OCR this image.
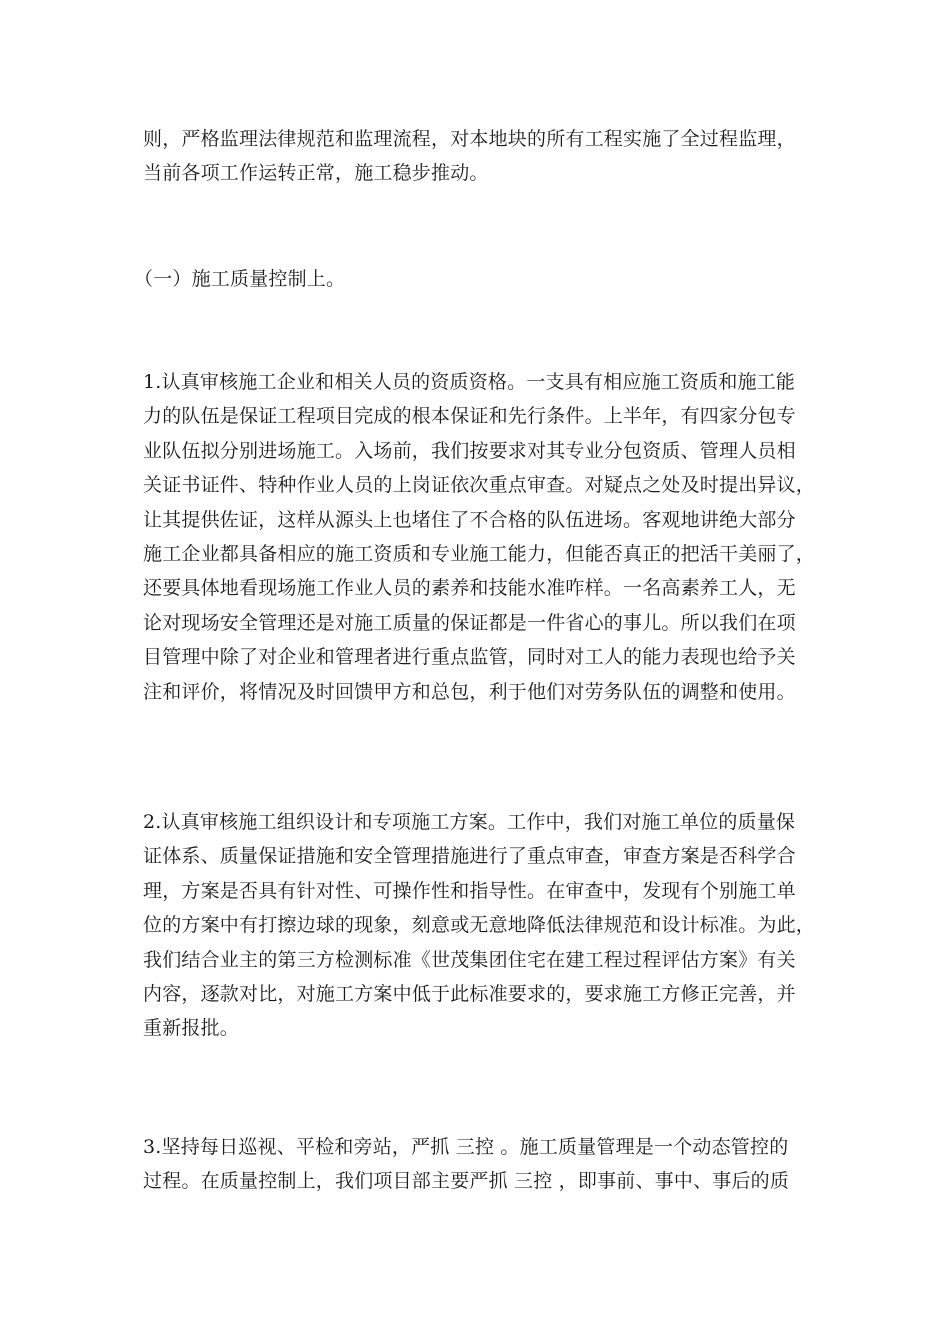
则，严格监理法律规范和监理流程，对本地块的所有工程实施了全过程监理，
当前各项工作运转正常，施工稳步推动。
（一）施工质量控制上。
1.认真审核施工企业和相关人员的资质资格。一支具有相应施工资质和施工能
力的队伍是保证工程项目完成的根本保证和先行条件。上半年，有四家分包专
业队伍拟分别进场施工。入场前，我们按要求对其专业分包资质、管理人员相
关证书证件、特种作业人员的上岗证依次重点审查。对疑点之处及时提出异议，
让其提供佐证，这样从源头上也堵住了不合格的队伍进场。客观地讲绝大部分
施工企业都具备相应的施工资质和专业施工能力，但能否真正的把活干美丽了，
还要具体地看现场施工作业人员的素养和技能水准咋样。一名高素养工人，无
论对现场安全管理还是对施工质量的保证都是一件省心的事儿。所以我们在项
目管理中除了对企业和管理者进行重点监管，同时对工人的能力表现也给予关
注和评价，将情况及时回馈甲方和总包，利于他们对劳务队伍的调整和使用。
2.认真审核施工组织设计和专项施工方案。工作中，我们对施工单位的质量保
证体系、质量保证措施和安全管理措施进行了重点审查，审查方案是否科学合
理，方案是否具有针对性、可操作性和指导性。在审查中，发现有个别施工单
位的方案中有打擦边球的现象，刻意或无意地降低法律规范和设计标准。为此，
我们结合业主的第三方检测标准《世茂集团住宅在建工程过程评估方案》有关
内容，逐款对比，对施工方案中低于此标准要求的，要求施工方修正完善，并
重新报批。
3.坚持每日巡视、平检和旁站，严抓 三控 。施工质量管理是一个动态管控的
过程。在质量控制上，我们项目部主要严抓 三控 ，即事前、事中、事后的质
